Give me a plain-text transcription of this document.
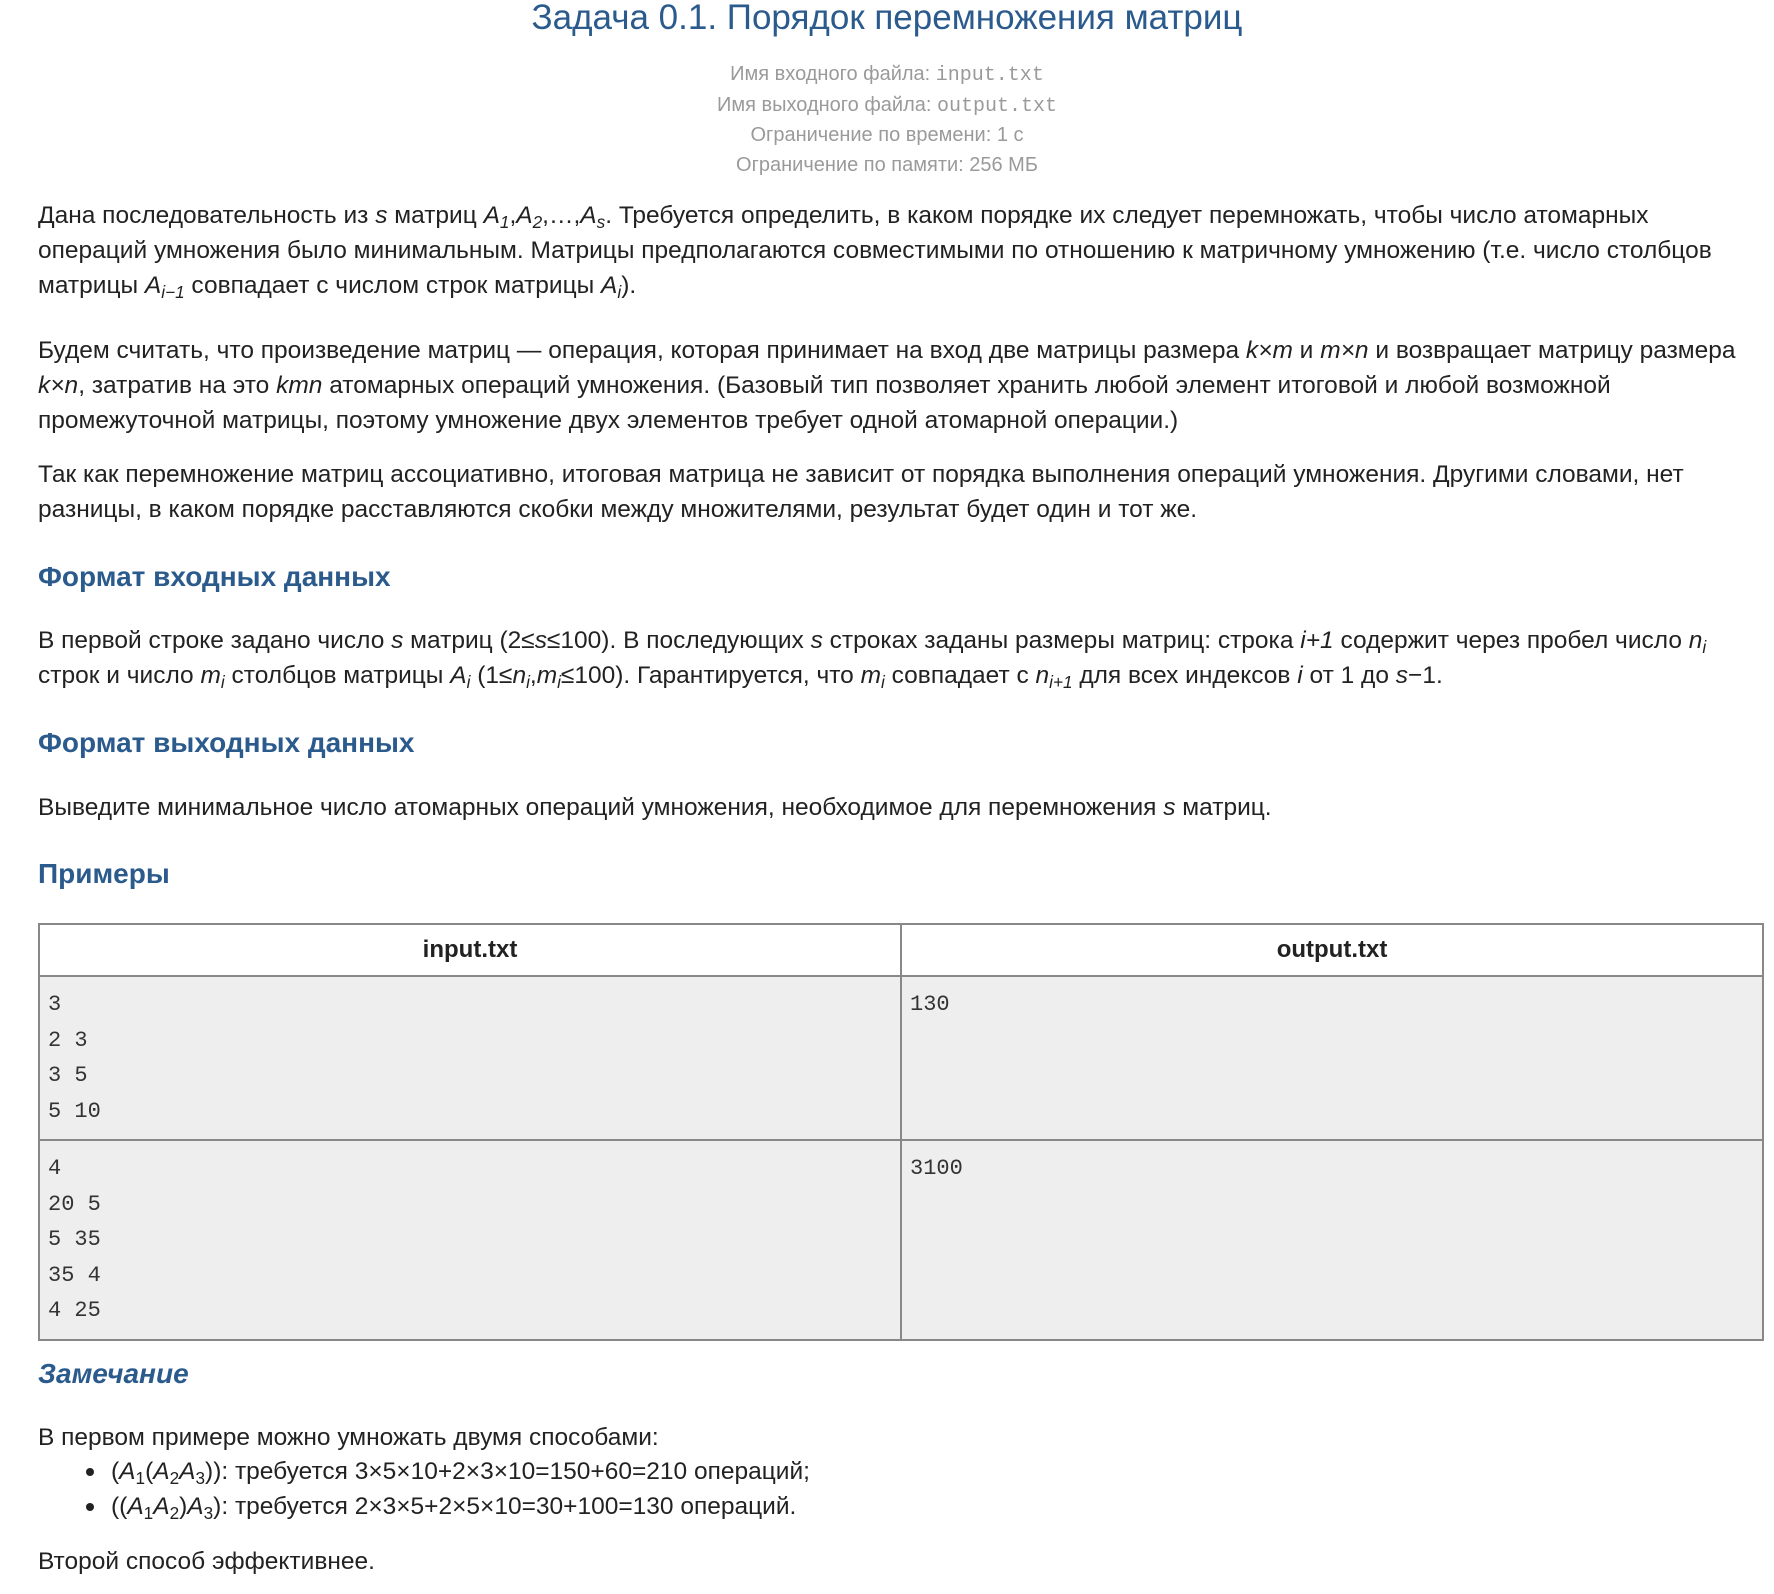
Задача 0.1. Порядок перемножения матриц
Имя входного файла: input.txt
Имя выходного файла: output.txt
Ограничение по времени: 1 с
Ограничение по памяти: 256 МБ

Дана последовательность из s матриц $A_1,A_2,\dots,A_s$. Требуется определить, в каком порядке их следует перемножать, чтобы число атомарных операций умножения было минимальным. Матрицы предполагаются совместимыми по отношению к матричному умножению (т.е. число столбцов матрицы $A_{i-1}$ совпадает с числом строк матрицы $A_i$).

Будем считать, что произведение матриц — операция, которая принимает на вход две матрицы размера k×m и m×n и возвращает матрицу размера k×n, затратив на это kmn атомарных операций умножения. (Базовый тип позволяет хранить любой элемент итоговой и любой возможной промежуточной матрицы, поэтому умножение двух элементов требует одной атомарной операции.)

Так как перемножение матриц ассоциативно, итоговая матрица не зависит от порядка выполнения операций умножения. Другими словами, нет разницы, в каком порядке расставляются скобки между множителями, результат будет один и тот же.

Формат входных данных

В первой строке задано число s матриц (2≤s≤100). В последующих s строках заданы размеры матриц: строка i+1 содержит через пробел число $n_i$ строк и число $m_i$ столбцов матрицы $A_i$ $(1\le n_i,m_i\le 100)$. Гарантируется, что $m_i$ совпадает с $n_{i+1}$ для всех индексов i от 1 до s−1.

Формат выходных данных

Выведите минимальное число атомарных операций умножения, необходимое для перемножения s матриц.

Примеры
input.txt	output.txt

3
2 3
3 5
5 10	130

4
20 5
5 35
35 4
4 25	3100
Замечание

В первом примере можно умножать двумя способами:

$(A_1(A_2A_3))$: требуется 3×5×10+2×3×10=150+60=210 операций;
$((A_1A_2)A_3)$: требуется 2×3×5+2×5×10=30+100=130 операций.

Второй способ эффективнее.
